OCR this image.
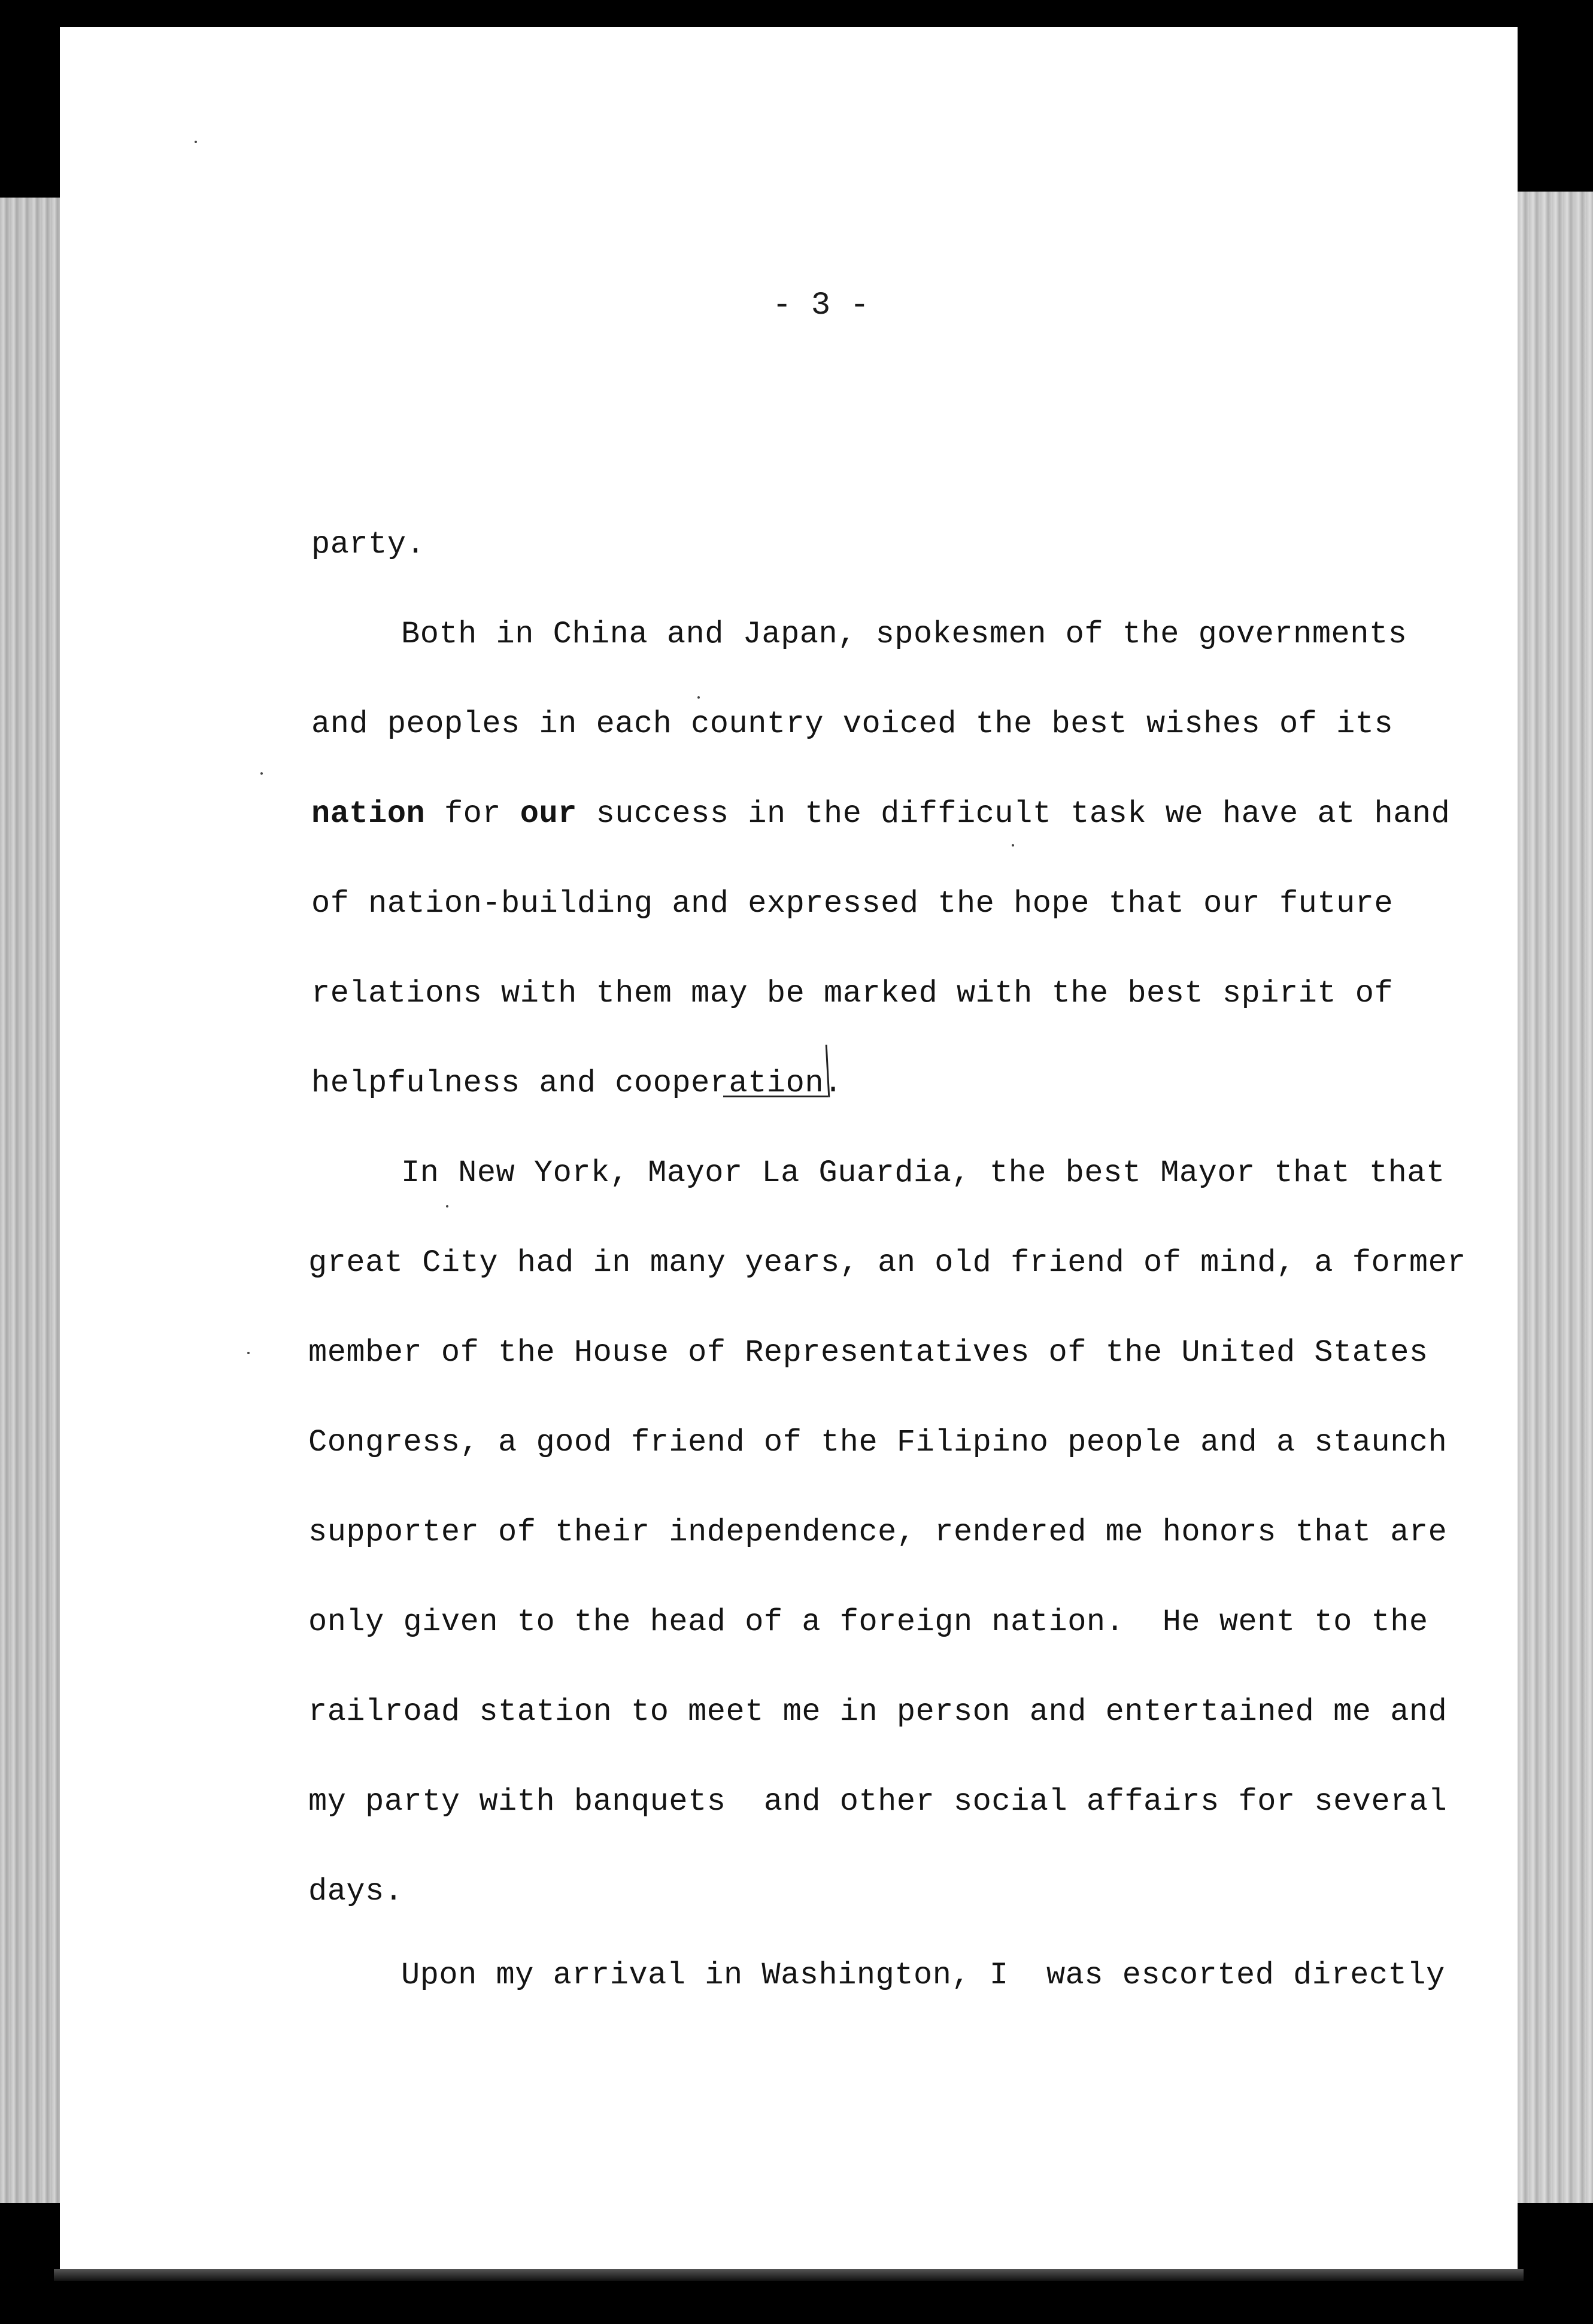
- 3 -
party.
Both in China and Japan, spokesmen of the governments
and peoples in each country voiced the best wishes of its
nation for our success in the difficult task we have at hand
of nation-building and expressed the hope that our future
relations with them may be marked with the best spirit of
helpfulness and cooperation.
In New York, Mayor La Guardia, the best Mayor that that
great City had in many years, an old friend of mind, a former
member of the House of Representatives of the United States
Congress, a good friend of the Filipino people and a staunch
supporter of their independence, rendered me honors that are
only given to the head of a foreign nation.  He went to the
railroad station to meet me in person and entertained me and
my party with banquets  and other social affairs for several
days.
Upon my arrival in Washington, I  was escorted directly
